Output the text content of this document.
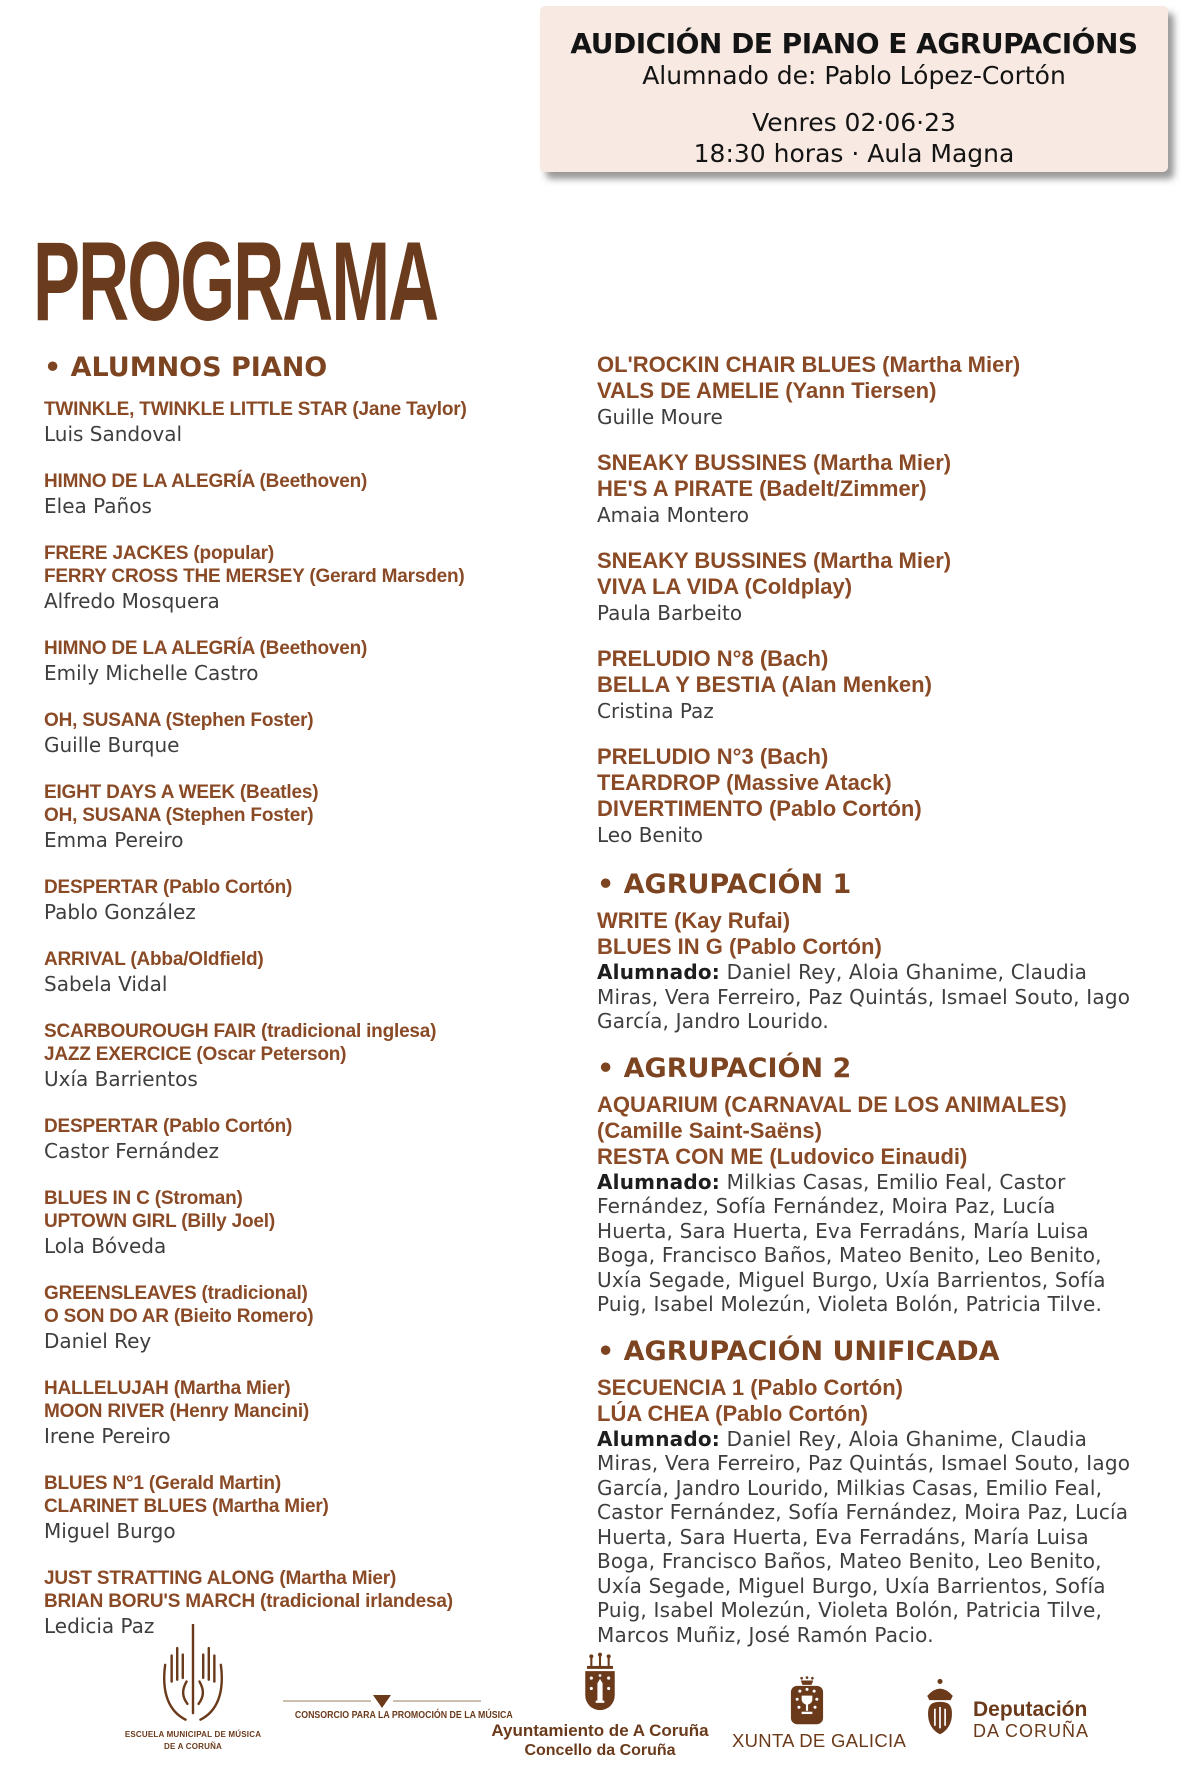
AUDICIÓN DE PIANO E AGRUPACIÓNS
Alumnado de: Pablo López-Cortón
Venres 02·06·23
18:30 horas · Aula Magna
PROGRAMA
• ALUMNOS PIANO
TWINKLE, TWINKLE LITTLE STAR (Jane Taylor)
Luis Sandoval
HIMNO DE LA ALEGRÍA (Beethoven)
Elea Paños
FRERE JACKES (popular)
FERRY CROSS THE MERSEY (Gerard Marsden)
Alfredo Mosquera
HIMNO DE LA ALEGRÍA (Beethoven)
Emily Michelle Castro
OH, SUSANA (Stephen Foster)
Guille Burque
EIGHT DAYS A WEEK (Beatles)
OH, SUSANA (Stephen Foster)
Emma Pereiro
DESPERTAR (Pablo Cortón)
Pablo González
ARRIVAL (Abba/Oldfield)
Sabela Vidal
SCARBOUROUGH FAIR (tradicional inglesa)
JAZZ EXERCICE (Oscar Peterson)
Uxía Barrientos
DESPERTAR (Pablo Cortón)
Castor Fernández
BLUES IN C (Stroman)
UPTOWN GIRL (Billy Joel)
Lola Bóveda
GREENSLEAVES (tradicional)
O SON DO AR (Bieito Romero)
Daniel Rey
HALLELUJAH (Martha Mier)
MOON RIVER (Henry Mancini)
Irene Pereiro
BLUES N°1 (Gerald Martin)
CLARINET BLUES (Martha Mier)
Miguel Burgo
JUST STRATTING ALONG (Martha Mier)
BRIAN BORU'S MARCH (tradicional irlandesa)
Ledicia Paz
OL'ROCKIN CHAIR BLUES (Martha Mier)
VALS DE AMELIE (Yann Tiersen)
Guille Moure
SNEAKY BUSSINES (Martha Mier)
HE'S A PIRATE (Badelt/Zimmer)
Amaia Montero
SNEAKY BUSSINES (Martha Mier)
VIVA LA VIDA (Coldplay)
Paula Barbeito
PRELUDIO N°8 (Bach)
BELLA Y BESTIA (Alan Menken)
Cristina Paz
PRELUDIO N°3 (Bach)
TEARDROP (Massive Atack)
DIVERTIMENTO (Pablo Cortón)
Leo Benito
• AGRUPACIÓN 1
WRITE (Kay Rufai)
BLUES IN G (Pablo Cortón)
Alumnado: Daniel Rey, Aloia Ghanime, Claudia
Miras, Vera Ferreiro, Paz Quintás, Ismael Souto, Iago
García, Jandro Lourido.
• AGRUPACIÓN 2
AQUARIUM (CARNAVAL DE LOS ANIMALES)
(Camille Saint-Saëns)
RESTA CON ME (Ludovico Einaudi)
Alumnado: Milkias Casas, Emilio Feal, Castor
Fernández, Sofía Fernández, Moira Paz, Lucía
Huerta, Sara Huerta, Eva Ferradáns, María Luisa
Boga, Francisco Baños, Mateo Benito, Leo Benito,
Uxía Segade, Miguel Burgo, Uxía Barrientos, Sofía
Puig, Isabel Molezún, Violeta Bolón, Patricia Tilve.
• AGRUPACIÓN UNIFICADA
SECUENCIA 1 (Pablo Cortón)
LÚA CHEA (Pablo Cortón)
Alumnado: Daniel Rey, Aloia Ghanime, Claudia
Miras, Vera Ferreiro, Paz Quintás, Ismael Souto, Iago
García, Jandro Lourido, Milkias Casas, Emilio Feal,
Castor Fernández, Sofía Fernández, Moira Paz, Lucía
Huerta, Sara Huerta, Eva Ferradáns, María Luisa
Boga, Francisco Baños, Mateo Benito, Leo Benito,
Uxía Segade, Miguel Burgo, Uxía Barrientos, Sofía
Puig, Isabel Molezún, Violeta Bolón, Patricia Tilve,
Marcos Muñiz, José Ramón Pacio.
ESCUELA MUNICIPAL DE MÚSICA
DE A CORUÑA
CONSORCIO PARA LA PROMOCIÓN DE LA MÚSICA
Ayuntamiento de A Coruña
Concello da Coruña	XUNTA DE GALICIA
Deputación
DA CORUÑA
